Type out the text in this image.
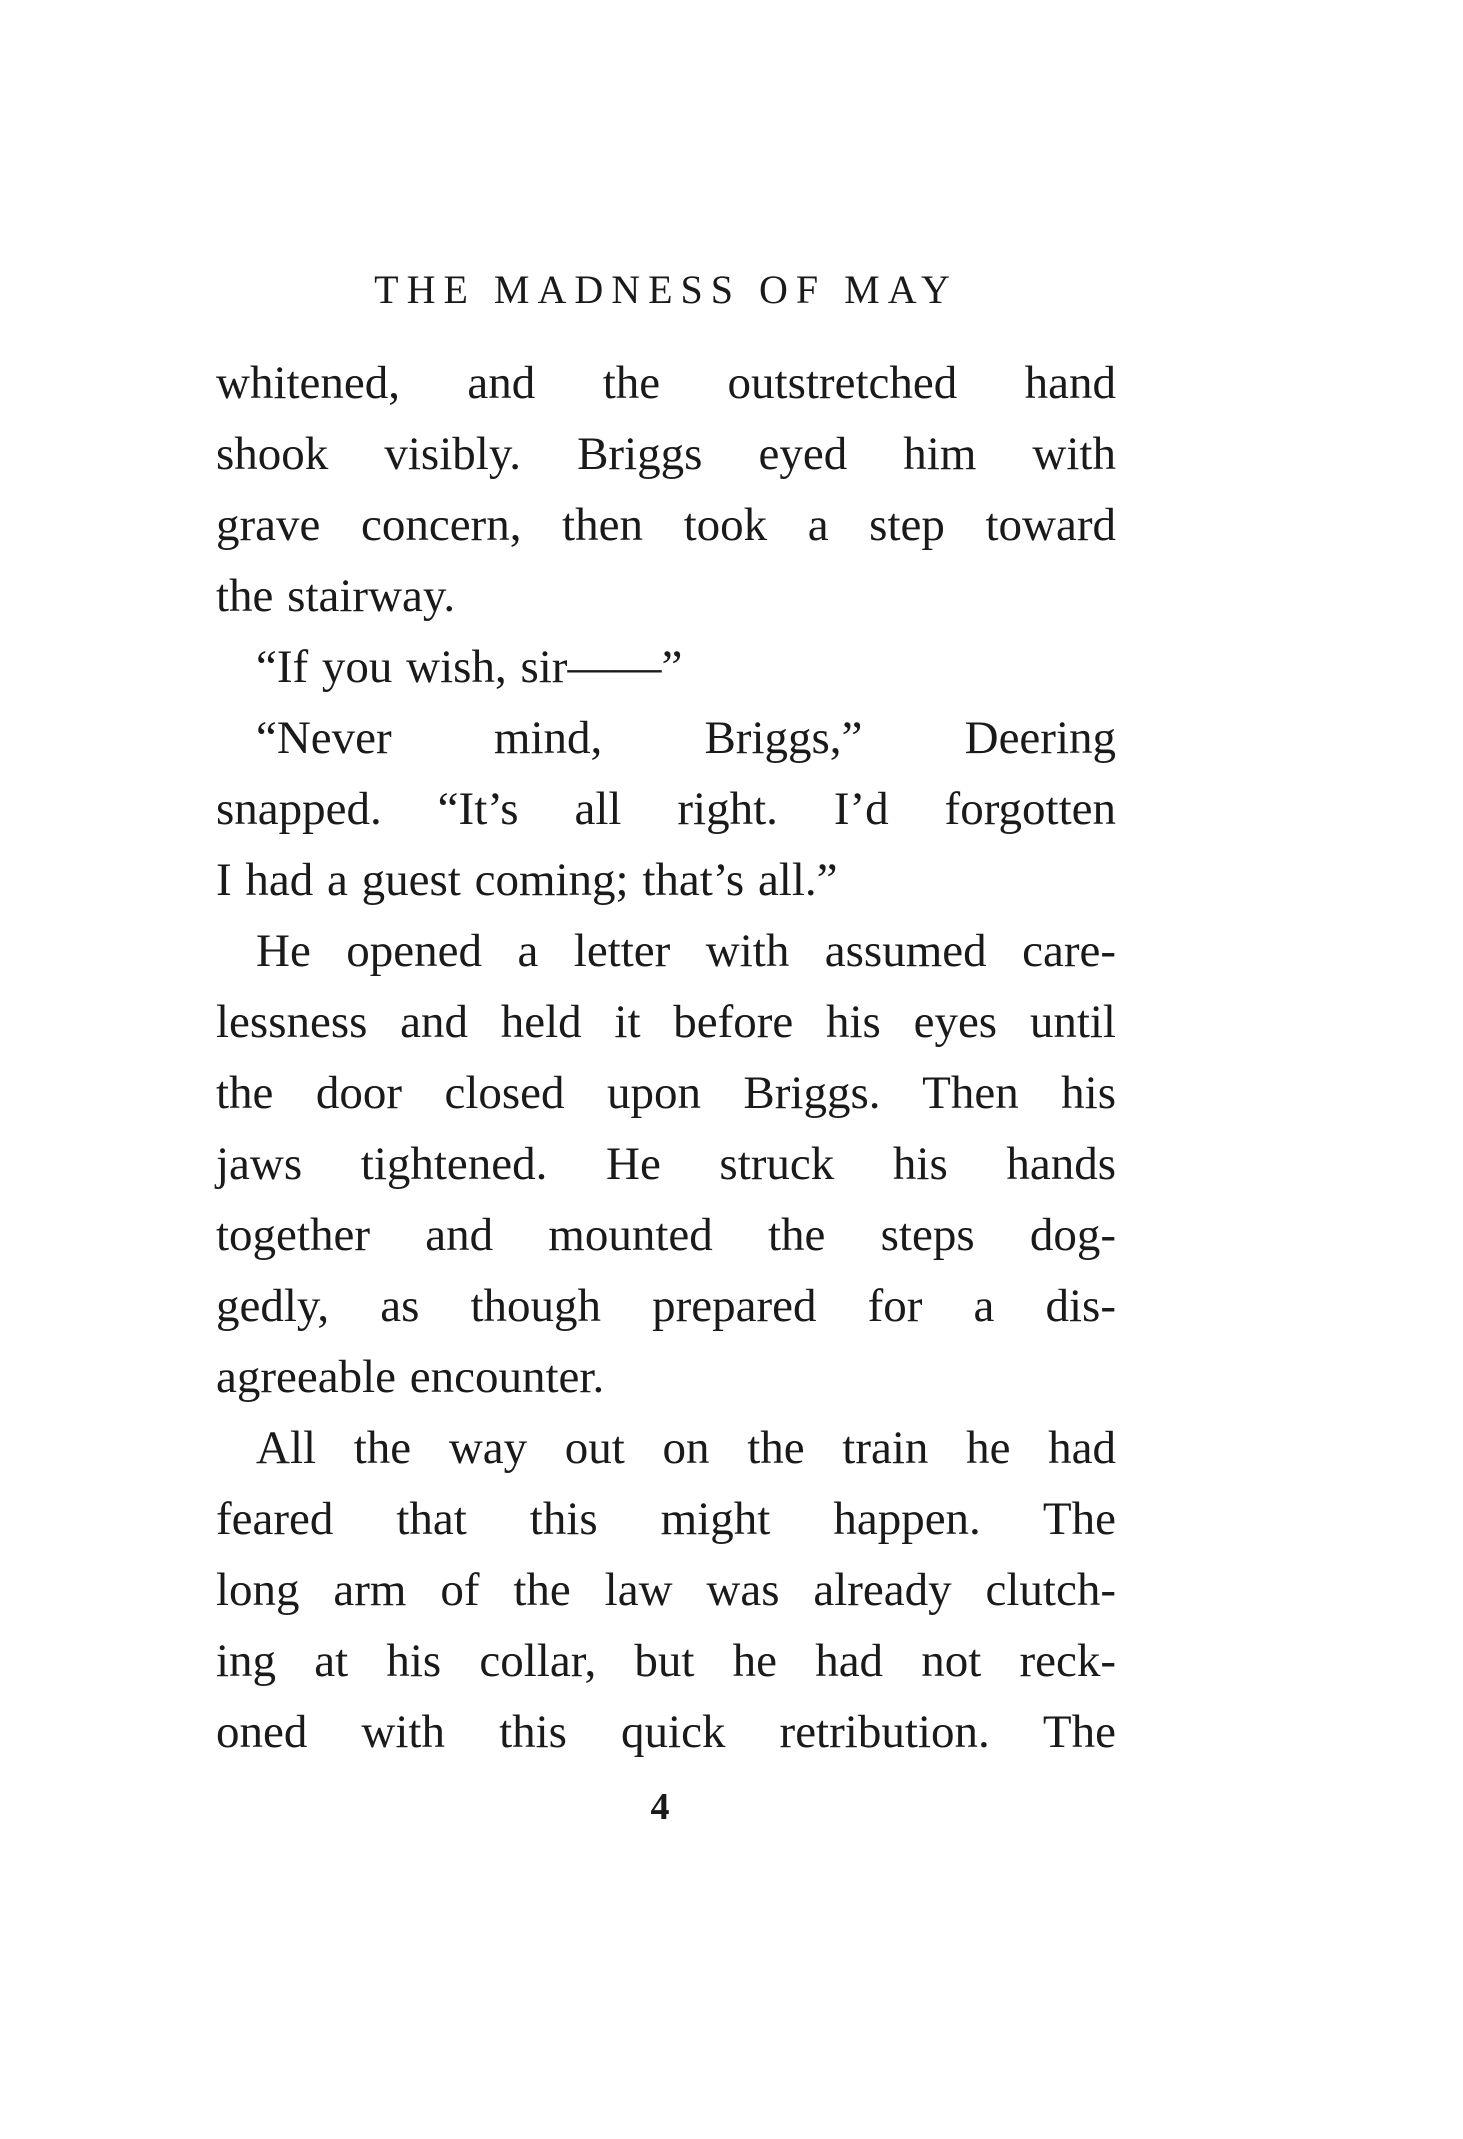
THE MADNESS OF MAY
whitened, and the outstretched hand
shook visibly. Briggs eyed him with
grave concern, then took a step toward
the stairway.
“If you wish, sir——”
“Never mind, Briggs,” Deering
snapped. “It’s all right. I’d forgotten
I had a guest coming; that’s all.”
He opened a letter with assumed care-
lessness and held it before his eyes until
the door closed upon Briggs. Then his
jaws tightened. He struck his hands
together and mounted the steps dog-
gedly, as though prepared for a dis-
agreeable encounter.
All the way out on the train he had
feared that this might happen. The
long arm of the law was already clutch-
ing at his collar, but he had not reck-
oned with this quick retribution. The
4
